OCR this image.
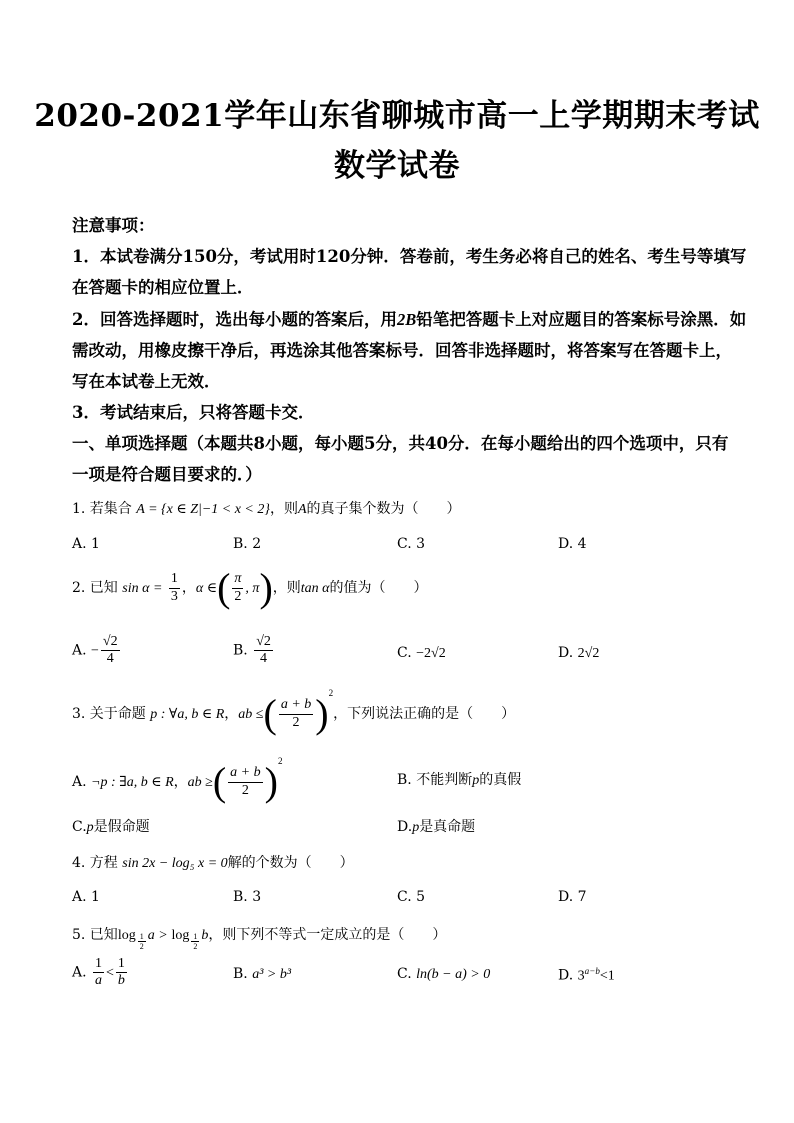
2020-2021学年山东省聊城市高一上学期期末考试
数学试卷
注意事项：
1．本试卷满分150分，考试用时120分钟．答卷前，考生务必将自己的姓名、考生号等填写
在答题卡的相应位置上．
2．回答选择题时，选出每小题的答案后，用2B铅笔把答题卡上对应题目的答案标号涂黑．如
需改动，用橡皮擦干净后，再选涂其他答案标号．回答非选择题时，将答案写在答题卡上，
写在本试卷上无效．
3．考试结束后，只将答题卡交．
一、单项选择题（本题共8小题，每小题5分，共40分．在每小题给出的四个选项中，只有
一项是符合题目要求的．）
1. 若集合 A = {x ∈ Z|−1 < x < 2}，则A的真子集个数为（　　）
A. 1	B. 2	C. 3	D. 4
2. 已知 $\sin \alpha = \frac{1}{3}$ ，α ∈( $\frac{\pi}{2}$ , π)，则tan α的值为（　　）
A. − $\frac{√2}{4}$	B. $\frac{√2}{4}$	C. −2√2	D. 2√2
3. 关于命题 p : ∀a, b ∈ R，ab ≤( $\frac{a + b}{2} )^2$，下列说法正确的是（　　）
A. ¬p : ∃a, b ∈ R，ab ≥( $\frac{a + b}{2} )^2$
B. 不能判断p的真假
C.p是假命题	D.p是真命题
4. 方程 sin 2x − log₅ x = 0解的个数为（　　）
A. 1	B. 3	C. 5	D. 7
5. 已知$\log \frac{1}{2}$ $a > \log \frac{1}{2}$ b，则下列不等式一定成立的是（　　）
A. $\frac{1}{a} < \frac{1}{b}$	B. a³ > b³	C. ln(b − a) > 0	D. $3^{a-b}<1$
